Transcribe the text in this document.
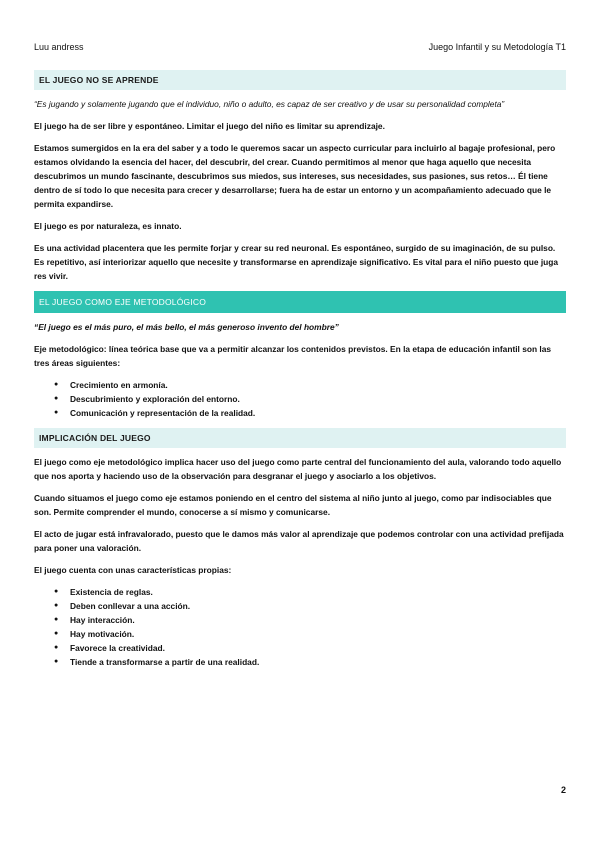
Luu andress	Juego Infantil y su Metodología T1
EL JUEGO NO SE APRENDE

“Es jugando y solamente jugando que el individuo, niño o adulto, es capaz de ser creativo y de usar su personalidad completa”

El juego ha de ser libre y espontáneo. Limitar el juego del niño es limitar su aprendizaje.

Estamos sumergidos en la era del saber y a todo le queremos sacar un aspecto curricular para incluirlo al bagaje profesional, pero estamos olvidando la esencia del hacer, del descubrir, del crear. Cuando permitimos al menor que haga aquello que necesita descubrimos un mundo fascinante, descubrimos sus miedos, sus intereses, sus necesidades, sus pasiones, sus retos… Él tiene dentro de sí todo lo que necesita para crecer y desarrollarse; fuera ha de estar un entorno y un acompañamiento adecuado que le permita expandirse.

El juego es por naturaleza, es innato.

Es una actividad placentera que les permite forjar y crear su red neuronal. Es espontáneo, surgido de su imaginación, de su pulso. Es repetitivo, así interiorizar aquello que necesite y transformarse en aprendizaje significativo. Es vital para el niño puesto que juga res vivir.

EL JUEGO COMO EJE METODOLÓGICO

“El juego es el más puro, el más bello, el más generoso invento del hombre”

Eje metodológico: línea teórica base que va a permitir alcanzar los contenidos previstos. En la etapa de educación infantil son las tres áreas siguientes:

● Crecimiento en armonía.
● Descubrimiento y exploración del entorno.
● Comunicación y representación de la realidad.
IMPLICACIÓN DEL JUEGO

El juego como eje metodológico implica hacer uso del juego como parte central del funcionamiento del aula, valorando todo aquello que nos aporta y haciendo uso de la observación para desgranar el juego y asociarlo a los objetivos.

Cuando situamos el juego como eje estamos poniendo en el centro del sistema al niño junto al juego, como par indisociables que son. Permite comprender el mundo, conocerse a sí mismo y comunicarse.

El acto de jugar está infravalorado, puesto que le damos más valor al aprendizaje que podemos controlar con una actividad prefijada para poner una valoración.

El juego cuenta con unas características propias:

● Existencia de reglas.
● Deben conllevar a una acción.
● Hay interacción.
● Hay motivación.
● Favorece la creatividad.
● Tiende a transformarse a partir de una realidad.
2
